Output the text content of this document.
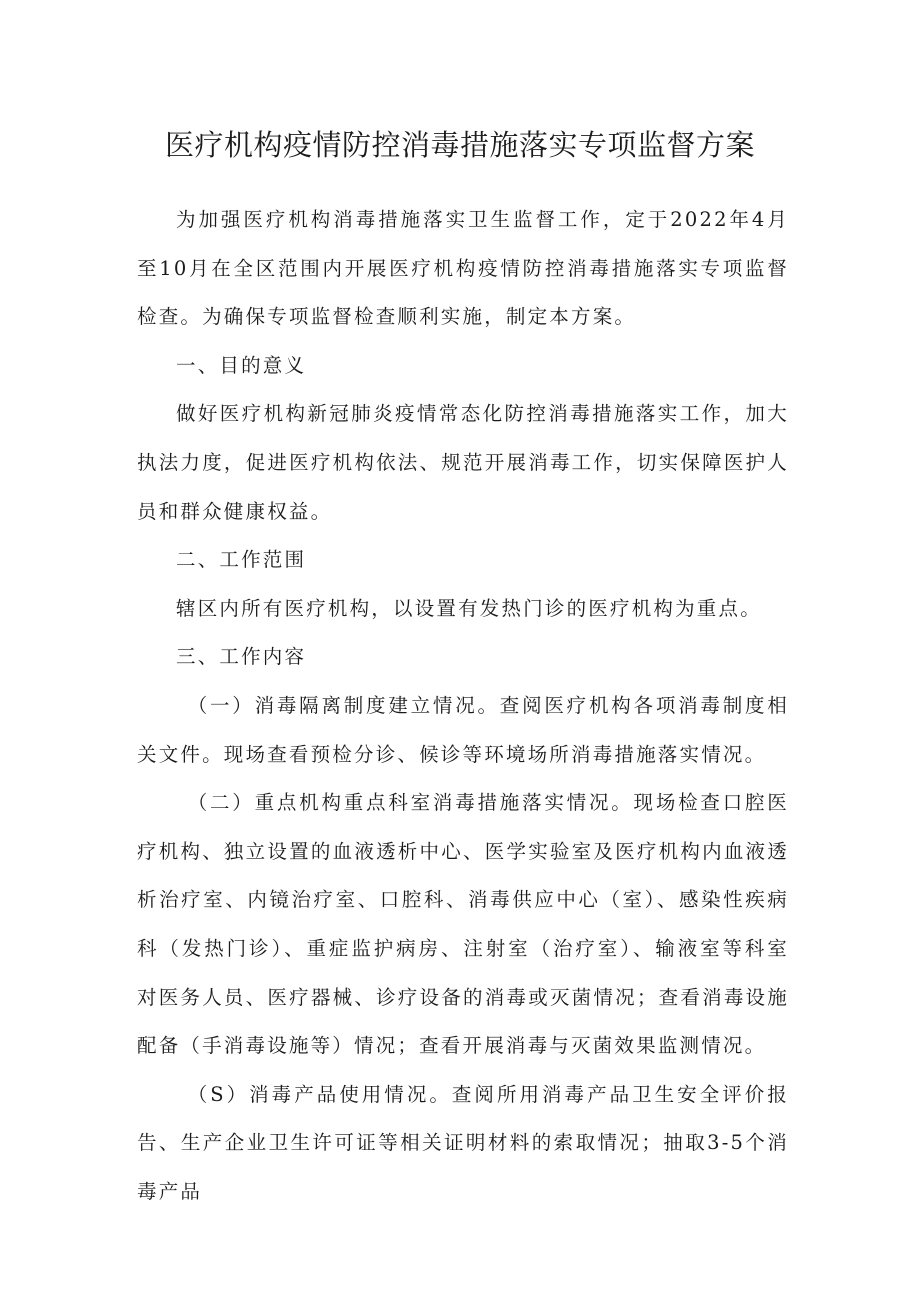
医疗机构疫情防控消毒措施落实专项监督方案

为加强医疗机构消毒措施落实卫生监督工作，定于2022年4月至10月在全区范围内开展医疗机构疫情防控消毒措施落实专项监督检查。为确保专项监督检查顺利实施，制定本方案。

一、目的意义

做好医疗机构新冠肺炎疫情常态化防控消毒措施落实工作，加大执法力度，促进医疗机构依法、规范开展消毒工作，切实保障医护人员和群众健康权益。

二、工作范围

辖区内所有医疗机构，以设置有发热门诊的医疗机构为重点。

三、工作内容

（一）消毒隔离制度建立情况。查阅医疗机构各项消毒制度相关文件。现场查看预检分诊、候诊等环境场所消毒措施落实情况。

（二）重点机构重点科室消毒措施落实情况。现场检查口腔医疗机构、独立设置的血液透析中心、医学实验室及医疗机构内血液透析治疗室、内镜治疗室、口腔科、消毒供应中心（室）、感染性疾病科（发热门诊）、重症监护病房、注射室（治疗室）、输液室等科室对医务人员、医疗器械、诊疗设备的消毒或灭菌情况；查看消毒设施配备（手消毒设施等）情况；查看开展消毒与灭菌效果监测情况。

（S）消毒产品使用情况。查阅所用消毒产品卫生安全评价报告、生产企业卫生许可证等相关证明材料的索取情况；抽取3-5个消毒产品
